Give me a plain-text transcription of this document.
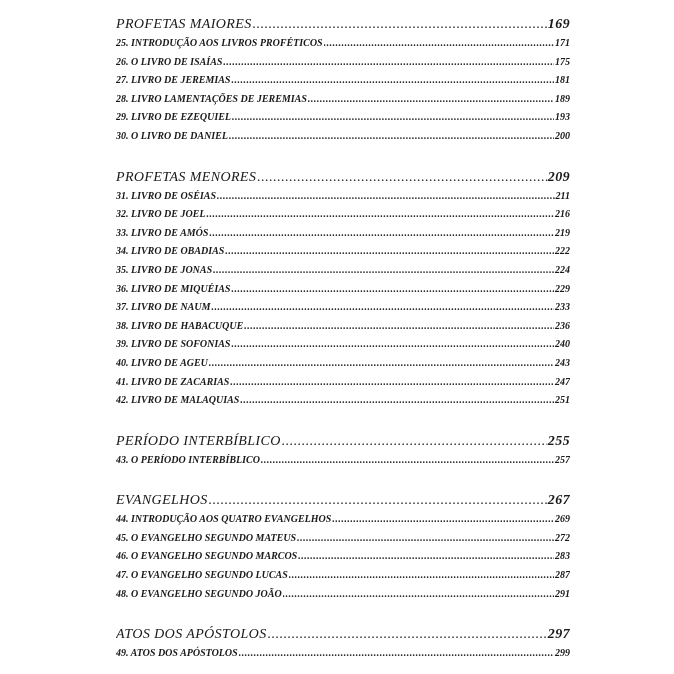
PROFETAS MAIORES .....	169
25. INTRODUÇÃO AOS LIVROS PROFÉTICOS .....	171
26. O LIVRO DE ISAÍAS .....	175
27. LIVRO DE JEREMIAS .....	181
28. LIVRO LAMENTAÇÕES DE JEREMIAS .....	189
29. LIVRO DE EZEQUIEL .....	193
30. O LIVRO DE DANIEL .....	200
PROFETAS MENORES .....	209
31. LIVRO DE OSÉIAS .....	211
32. LIVRO DE JOEL .....	216
33. LIVRO DE AMÓS .....	219
34. LIVRO DE OBADIAS .....	222
35. LIVRO DE JONAS .....	224
36. LIVRO DE MIQUÉIAS .....	229
37. LIVRO DE NAUM .....	233
38. LIVRO DE HABACUQUE .....	236
39. LIVRO DE SOFONIAS .....	240
40. LIVRO DE AGEU .....	243
41. LIVRO DE ZACARIAS .....	247
42. LIVRO DE MALAQUIAS .....	251
PERÍODO INTERBÍBLICO .....	255
43. O PERÍODO INTERBÍBLICO .....	257
EVANGELHOS .....	267
44. INTRODUÇÃO AOS QUATRO EVANGELHOS .....	269
45. O EVANGELHO SEGUNDO MATEUS .....	272
46. O EVANGELHO SEGUNDO MARCOS .....	283
47. O EVANGELHO SEGUNDO LUCAS .....	287
48. O EVANGELHO SEGUNDO JOÃO .....	291
ATOS DOS APÓSTOLOS .....	297
49. ATOS DOS APÓSTOLOS .....	299
